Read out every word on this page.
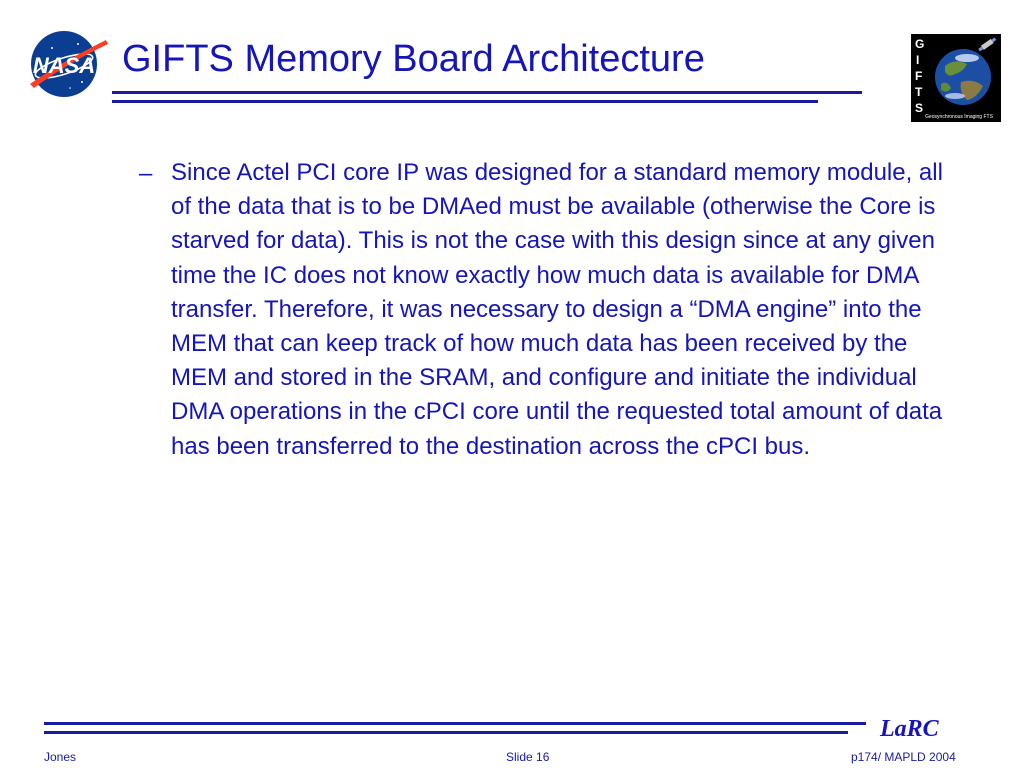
NASA GIFTS Memory Board Architecture	G
I
F
T
S
Geosynchronous Imaging FTS
– Since Actel PCI core IP was designed for a standard memory module, all of the data that is to be DMAed must be available (otherwise the Core is starved for data). This is not the case with this design since at any given time the IC does not know exactly how much data is available for DMA transfer. Therefore, it was necessary to design a “DMA engine” into the MEM that can keep track of how much data has been received by the MEM and stored in the SRAM, and configure and initiate the individual DMA operations in the cPCI core until the requested total amount of data has been transferred to the destination across the cPCI bus.
LaRC
Jones	Slide 16	p174/ MAPLD 2004
